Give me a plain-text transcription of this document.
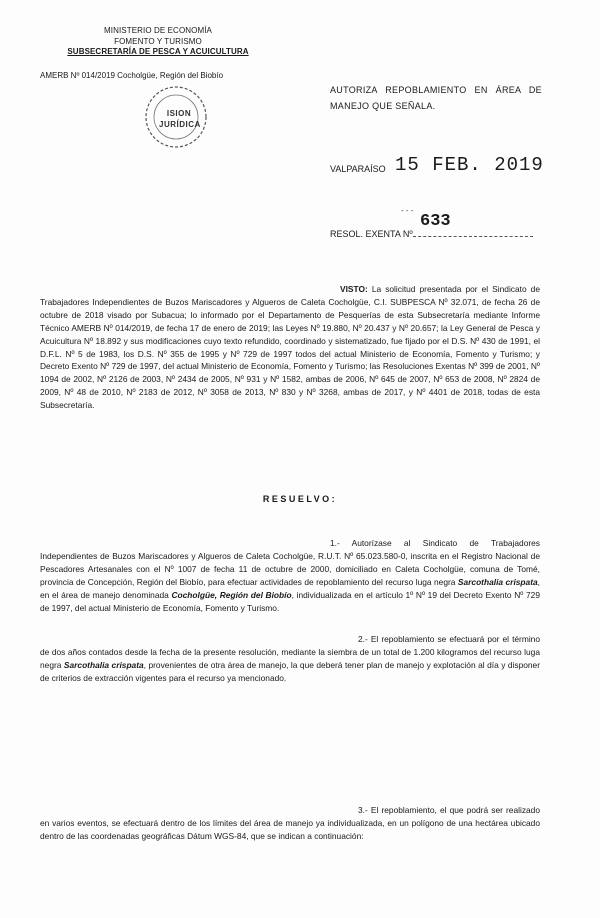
MINISTERIO DE ECONOMÍA
FOMENTO Y TURISMO
SUBSECRETARÍA DE PESCA Y ACUICULTURA
AMERB Nº 014/2019 Cocholgüe, Región del Biobío
ISION
JURÍDICA
AUTORIZA REPOBLAMIENTO EN ÁREA DE MANEJO QUE SEÑALA.
VALPARAÍSO 15 FEB. 2019
- - -
RESOL. EXENTA Nº
633
VISTO: La solicitud presentada por el Sindicato de Trabajadores Independientes de Buzos Mariscadores y Algueros de Caleta Cocholgüe, C.I. SUBPESCA Nº 32.071, de fecha 26 de octubre de 2018 visado por Subacua; lo informado por el Departamento de Pesquerías de esta Subsecretaría mediante Informe Técnico AMERB Nº 014/2019, de fecha 17 de enero de 2019; las Leyes Nº 19.880, Nº 20.437 y Nº 20.657; la Ley General de Pesca y Acuicultura Nº 18.892 y sus modificaciones cuyo texto refundido, coordinado y sistematizado, fue fijado por el D.S. Nº 430 de 1991, el D.F.L. Nº 5 de 1983, los D.S. Nº 355 de 1995 y Nº 729 de 1997 todos del actual Ministerio de Economía, Fomento y Turismo; y Decreto Exento Nº 729 de 1997, del actual Ministerio de Economía, Fomento y Turismo; las Resoluciones Exentas Nº 399 de 2001, Nº 1094 de 2002, Nº 2126 de 2003, Nº 2434 de 2005, Nº 931 y Nº 1582, ambas de 2006, Nº 645 de 2007, Nº 653 de 2008, Nº 2824 de 2009, Nº 48 de 2010, Nº 2183 de 2012, Nº 3058 de 2013, Nº 830 y Nº 3268, ambas de 2017, y Nº 4401 de 2018, todas de esta Subsecretaría.
RESUELVO:
1.- Autorízase al Sindicato de Trabajadores Independientes de Buzos Mariscadores y Algueros de Caleta Cocholgüe, R.U.T. Nº 65.023.580-0, inscrita en el Registro Nacional de Pescadores Artesanales con el Nº 1007 de fecha 11 de octubre de 2000, domiciliado en Caleta Cocholgüe, comuna de Tomé, provincia de Concepción, Región del Biobío, para efectuar actividades de repoblamiento del recurso luga negra Sarcothalia crispata, en el área de manejo denominada Cocholgüe, Región del Biobío, individualizada en el artículo 1º Nº 19 del Decreto Exento Nº 729 de 1997, del actual Ministerio de Economía, Fomento y Turismo.
2.- El repoblamiento se efectuará por el término de dos años contados desde la fecha de la presente resolución, mediante la siembra de un total de 1.200 kilogramos del recurso luga negra Sarcothalia crispata, provenientes de otra área de manejo, la que deberá tener plan de manejo y explotación al día y disponer de criterios de extracción vigentes para el recurso ya mencionado.
3.- El repoblamiento, el que podrá ser realizado en varios eventos, se efectuará dentro de los límites del área de manejo ya individualizada, en un polígono de una hectárea ubicado dentro de las coordenadas geográficas Dátum WGS-84, que se indican a continuación:
